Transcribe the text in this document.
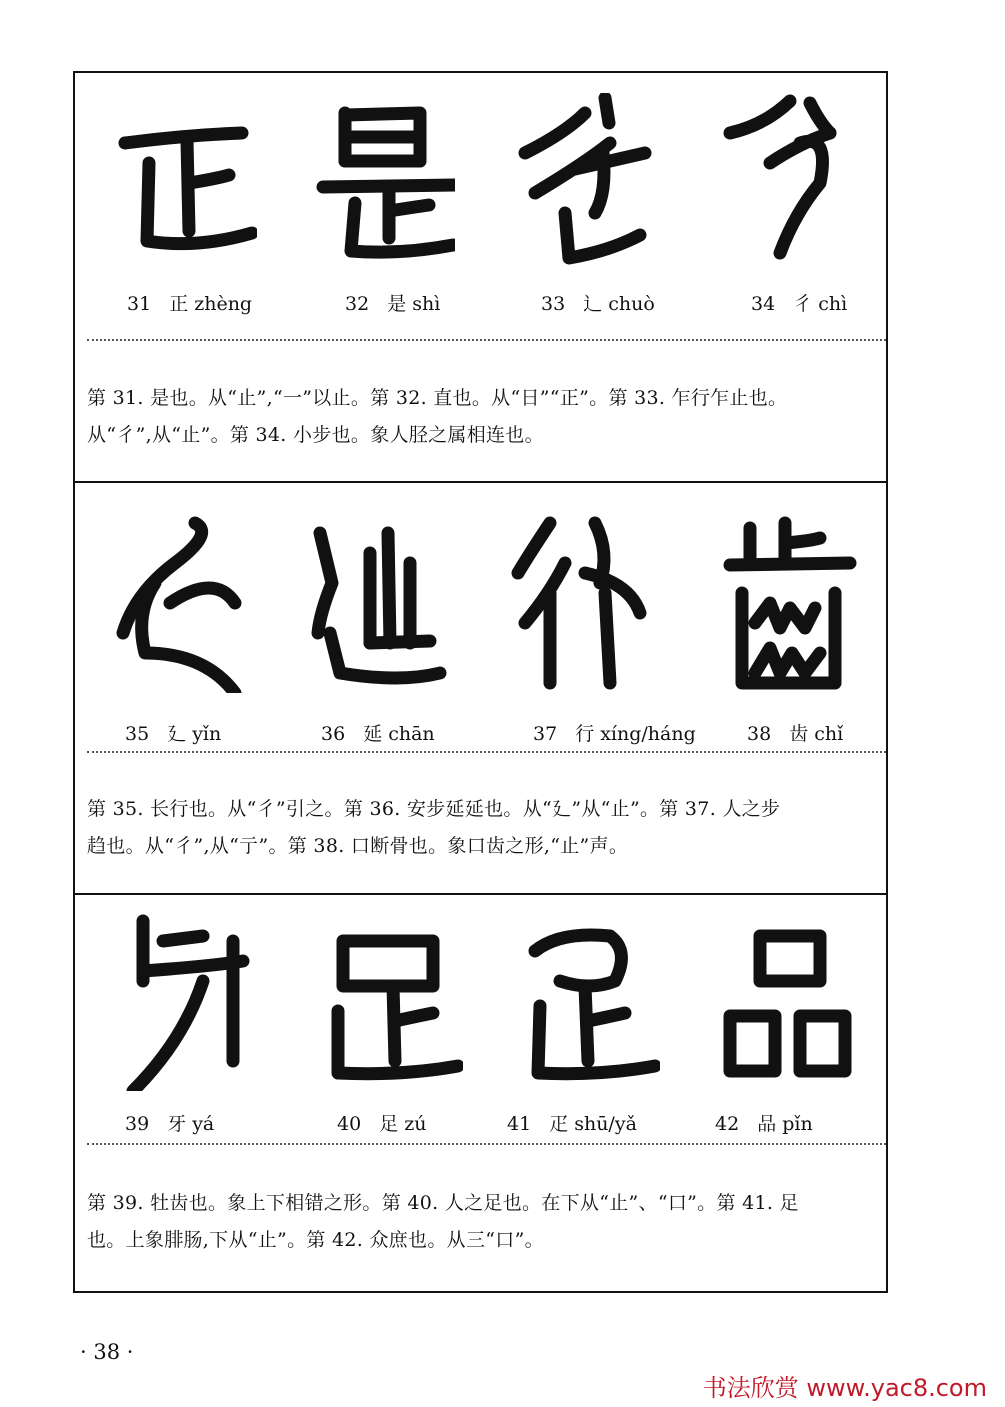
31 正 zhèng	32 是 shì	33 辶 chuò	34 彳 chì
第 31. 是也。从“止”,“一”以止。第 32. 直也。从“日”“正”。第 33. 乍行乍止也。
从“彳”,从“止”。第 34. 小步也。象人胫之属相连也。
35 廴 yǐn	36 延 chān	37 行 xíng/háng	38 齿 chǐ
第 35. 长行也。从“彳”引之。第 36. 安步延延也。从“廴”从“止”。第 37. 人之步
趋也。从“彳”,从“亍”。第 38. 口断骨也。象口齿之形,“止”声。
39 牙 yá	40 足 zú	41 疋 shū/yǎ	42 品 pǐn
第 39. 牡齿也。象上下相错之形。第 40. 人之足也。在下从“止”、“口”。第 41. 足
也。上象腓肠,下从“止”。第 42. 众庶也。从三“口”。
· 38 ·
书法欣赏 www.yac8.com
